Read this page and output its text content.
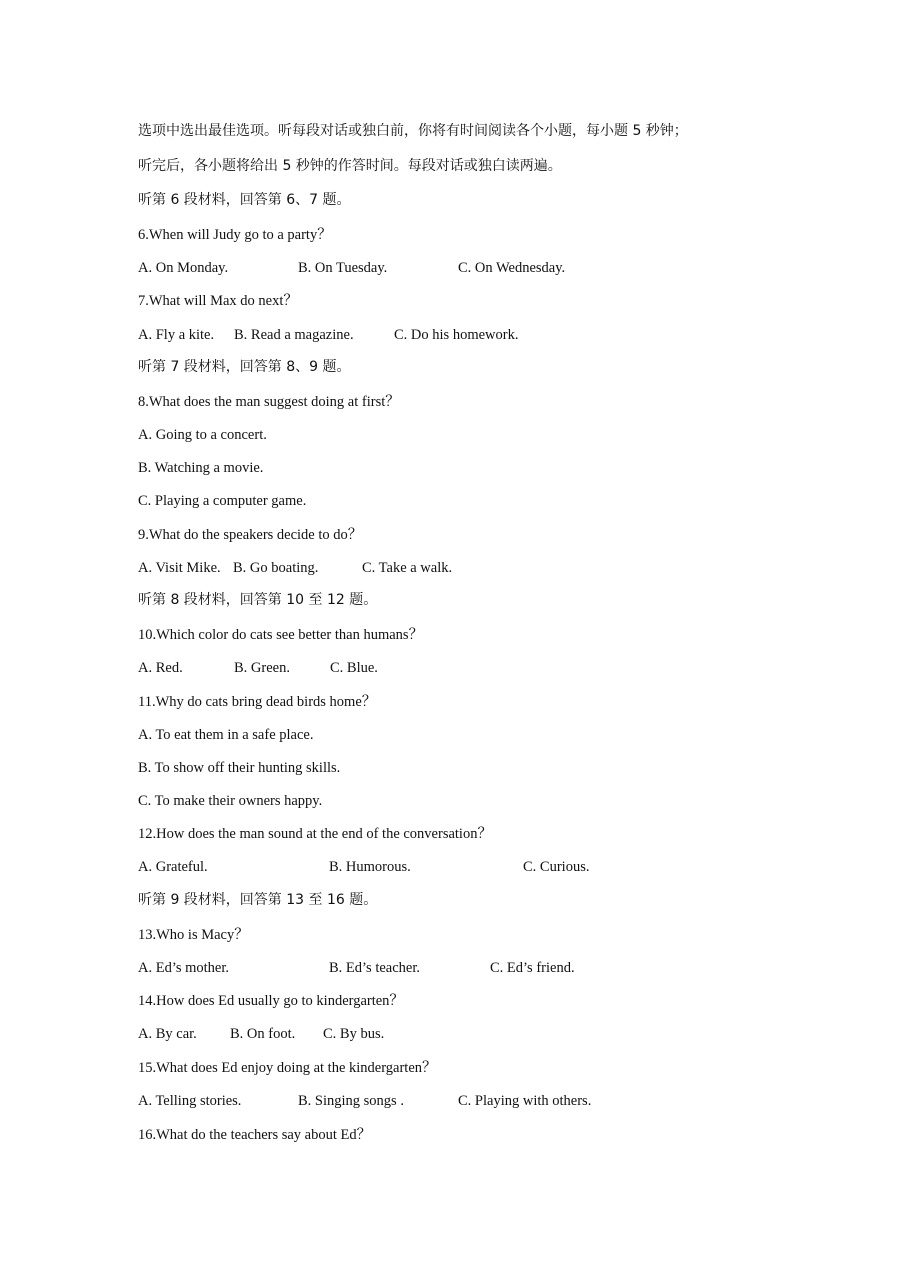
选项中选出最佳选项。听每段对话或独白前，你将有时间阅读各个小题，每小题 5 秒钟；

听完后，各小题将给出 5 秒钟的作答时间。每段对话或独白读两遍。

听第 6 段材料，回答第 6、7 题。

6.When will Judy go to a party？

A. On Monday.	B. On Tuesday.	C. On Wednesday.

7.What will Max do next？

A. Fly a kite. B. Read a magazine.	C. Do his homework.

听第 7 段材料，回答第 8、9 题。

8.What does the man suggest doing at first？

A. Going to a concert.
B. Watching a movie.
C. Playing a computer game.

9.What do the speakers decide to do？

A. Visit Mike. B. Go boating.	C. Take a walk.

听第 8 段材料，回答第 10 至 12 题。

10.Which color do cats see better than humans？

A. Red.	B. Green.	C. Blue.

11.Why do cats bring dead birds home？

A. To eat them in a safe place.
B. To show off their hunting skills.
C. To make their owners happy.

12.How does the man sound at the end of the conversation？

A. Grateful.	B. Humorous.	C. Curious.

听第 9 段材料，回答第 13 至 16 题。

13.Who is Macy？

A. Ed’s mother.	B. Ed’s teacher.	C. Ed’s friend.

14.How does Ed usually go to kindergarten？

A. By car. B. On foot. C. By bus.

15.What does Ed enjoy doing at the kindergarten？

A. Telling stories.	B. Singing songs .	C. Playing with others.

16.What do the teachers say about Ed？
